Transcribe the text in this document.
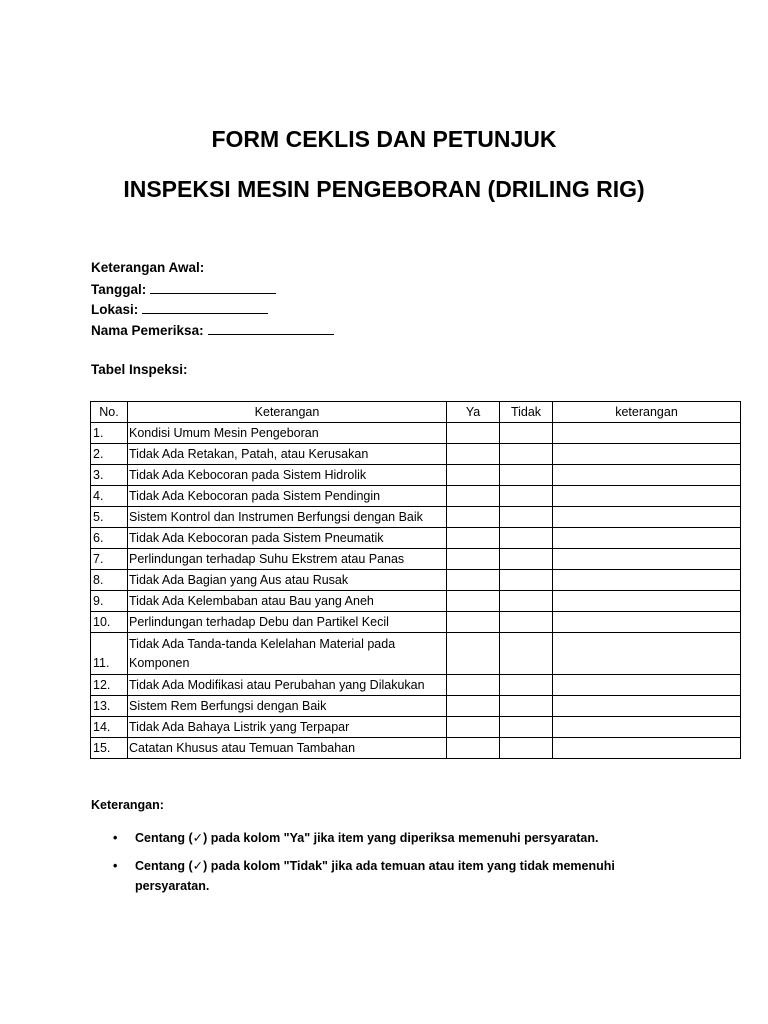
FORM CEKLIS DAN PETUNJUK
INSPEKSI MESIN PENGEBORAN (DRILING RIG)
Keterangan Awal:
Tanggal:
Lokasi:
Nama Pemeriksa:
Tabel Inspeksi:
No.	Keterangan	Ya	Tidak	keterangan
1.	Kondisi Umum Mesin Pengeboran			
2.	Tidak Ada Retakan, Patah, atau Kerusakan			
3.	Tidak Ada Kebocoran pada Sistem Hidrolik			
4.	Tidak Ada Kebocoran pada Sistem Pendingin			
5.	Sistem Kontrol dan Instrumen Berfungsi dengan Baik			
6.	Tidak Ada Kebocoran pada Sistem Pneumatik			
7.	Perlindungan terhadap Suhu Ekstrem atau Panas			
8.	Tidak Ada Bagian yang Aus atau Rusak			
9.	Tidak Ada Kelembaban atau Bau yang Aneh			
10.	Perlindungan terhadap Debu dan Partikel Kecil			
11.	Tidak Ada Tanda-tanda Kelelahan Material pada Komponen			
12.	Tidak Ada Modifikasi atau Perubahan yang Dilakukan			
13.	Sistem Rem Berfungsi dengan Baik			
14.	Tidak Ada Bahaya Listrik yang Terpapar			
15.	Catatan Khusus atau Temuan Tambahan			
Keterangan:
• Centang (✓) pada kolom "Ya" jika item yang diperiksa memenuhi persyaratan.
• Centang (✓) pada kolom "Tidak" jika ada temuan atau item yang tidak memenuhi persyaratan.
